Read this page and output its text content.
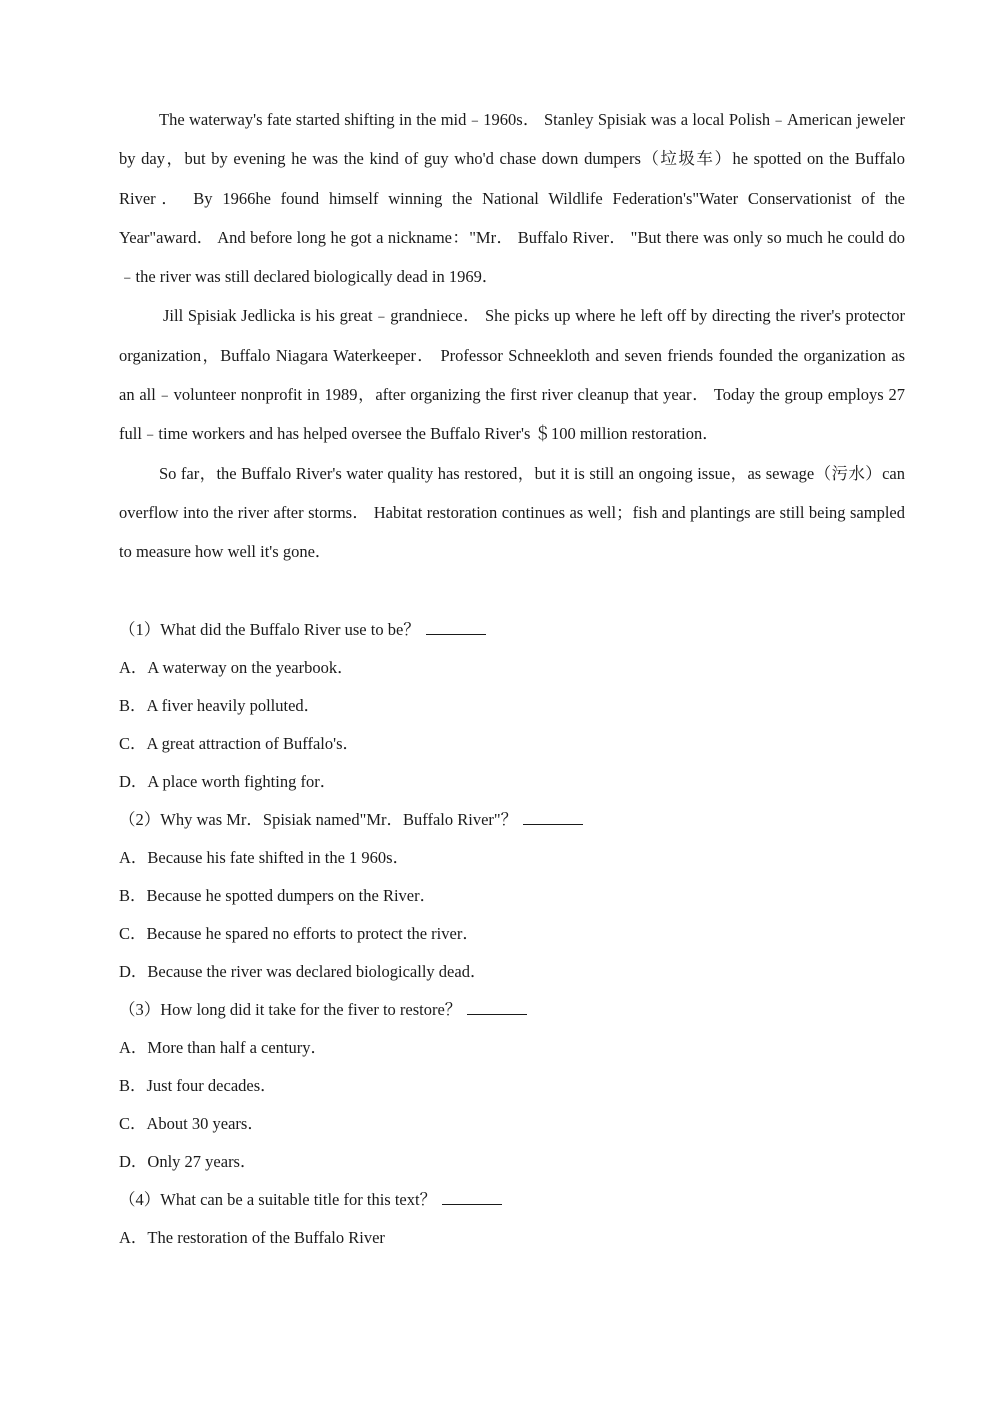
The waterway's fate started shifting in the mid﹣1960s． Stanley Spisiak was a local Polish﹣American jeweler by day，but by evening he was the kind of guy who'd chase down dumpers（垃圾车）he spotted on the Buffalo River． By 1966he found himself winning the National Wildlife Federation's"Water Conservationist of the Year"award． And before long he got a nickname："Mr． Buffalo River． "But there was only so much he could do﹣the river was still declared biologically dead in 1969．

Jill Spisiak Jedlicka is his great﹣grandniece． She picks up where he left off by directing the river's protector organization，Buffalo Niagara Waterkeeper． Professor Schneekloth and seven friends founded the organization as an all﹣volunteer nonprofit in 1989，after organizing the first river cleanup that year． Today the group employs 27 full﹣time workers and has helped oversee the Buffalo River's ＄100 million restoration．

So far，the Buffalo River's water quality has restored，but it is still an ongoing issue，as sewage（污水）can overflow into the river after storms． Habitat restoration continues as well；fish and plantings are still being sampled to measure how well it's gone．

（1）What did the Buffalo River use to be？
A．A waterway on the yearbook．
B．A fiver heavily polluted．
C．A great attraction of Buffalo's．
D．A place worth fighting for．
（2）Why was Mr．Spisiak named"Mr．Buffalo River"？
A．Because his fate shifted in the 1 960s．
B．Because he spotted dumpers on the River．
C．Because he spared no efforts to protect the river．
D．Because the river was declared biologically dead．
（3）How long did it take for the fiver to restore？
A．More than half a century．
B．Just four decades．
C．About 30 years．
D．Only 27 years．
（4）What can be a suitable title for this text？
A．The restoration of the Buffalo River
